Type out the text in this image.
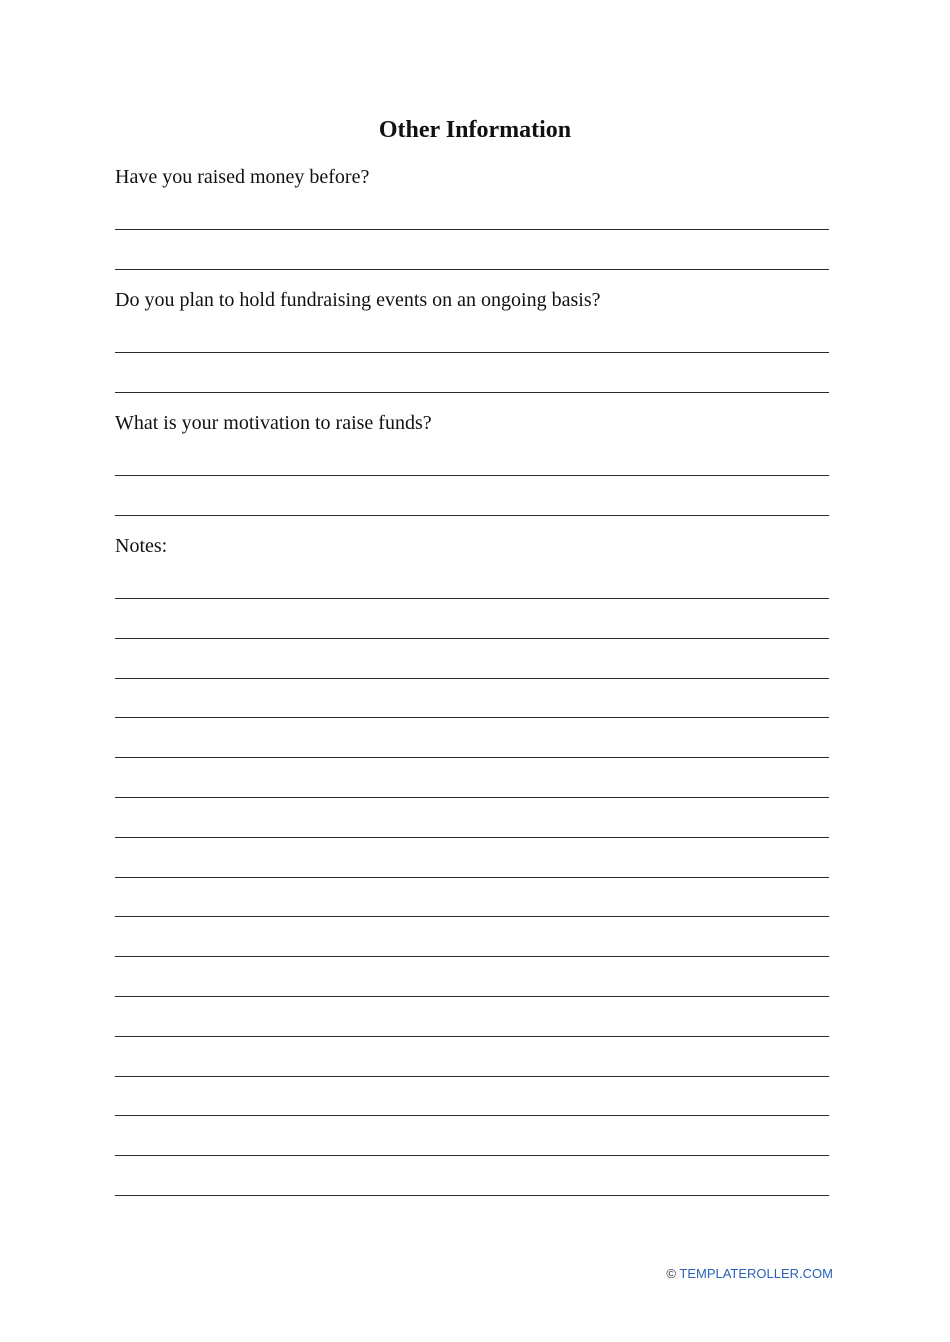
Other Information

Have you raised money before?

Do you plan to hold fundraising events on an ongoing basis?

What is your motivation to raise funds?

Notes:

© TEMPLATEROLLER.COM
